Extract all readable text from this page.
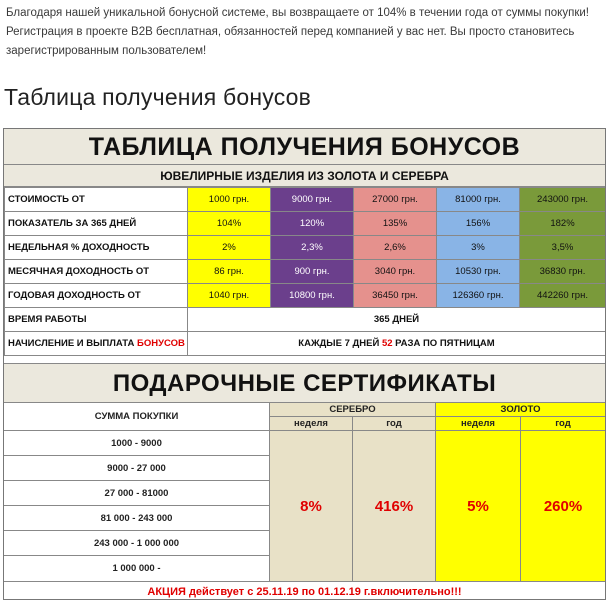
Благодаря нашей уникальной бонусной системе, вы возвращаете от 104% в течении года от суммы покупки!
Регистрация в проекте B2B бесплатная, обязанностей перед компанией у вас нет. Вы просто становитесь
зарегистрированным пользователем!
Таблица получения бонусов
ТАБЛИЦА ПОЛУЧЕНИЯ БОНУСОВ
ЮВЕЛИРНЫЕ ИЗДЕЛИЯ ИЗ ЗОЛОТА И СЕРЕБРА
СТОИМОСТЬ ОТ	1000 грн.	9000 грн.	27000 грн.	81000 грн.	243000 грн.
ПОКАЗАТЕЛЬ ЗА 365 ДНЕЙ	104%	120%	135%	156%	182%
НЕДЕЛЬНАЯ % ДОХОДНОСТЬ	2%	2,3%	2,6%	3%	3,5%
МЕСЯЧНАЯ ДОХОДНОСТЬ ОТ	86 грн.	900 грн.	3040 грн.	10530 грн.	36830 грн.
ГОДОВАЯ ДОХОДНОСТЬ ОТ	1040 грн.	10800 грн.	36450 грн.	126360 грн.	442260 грн.
ВРЕМЯ РАБОТЫ	365 ДНЕЙ				
НАЧИСЛЕНИЕ И ВЫПЛАТА БОНУСОВ	КАЖДЫЕ 7 ДНЕЙ 52 РАЗА ПО ПЯТНИЦАМ				
ПОДАРОЧНЫЕ СЕРТИФИКАТЫ
СУММА ПОКУПКИ
1000 - 9000
9000 - 27 000
27 000 - 81000
81 000 - 243 000
243 000 - 1 000 000
1 000 000 -
СЕРЕБРО
неделя	год
8%	416%
ЗОЛОТО
неделя	год
5%	260%
АКЦИЯ действует с 25.11.19 по 01.12.19 г.включительно!!!
